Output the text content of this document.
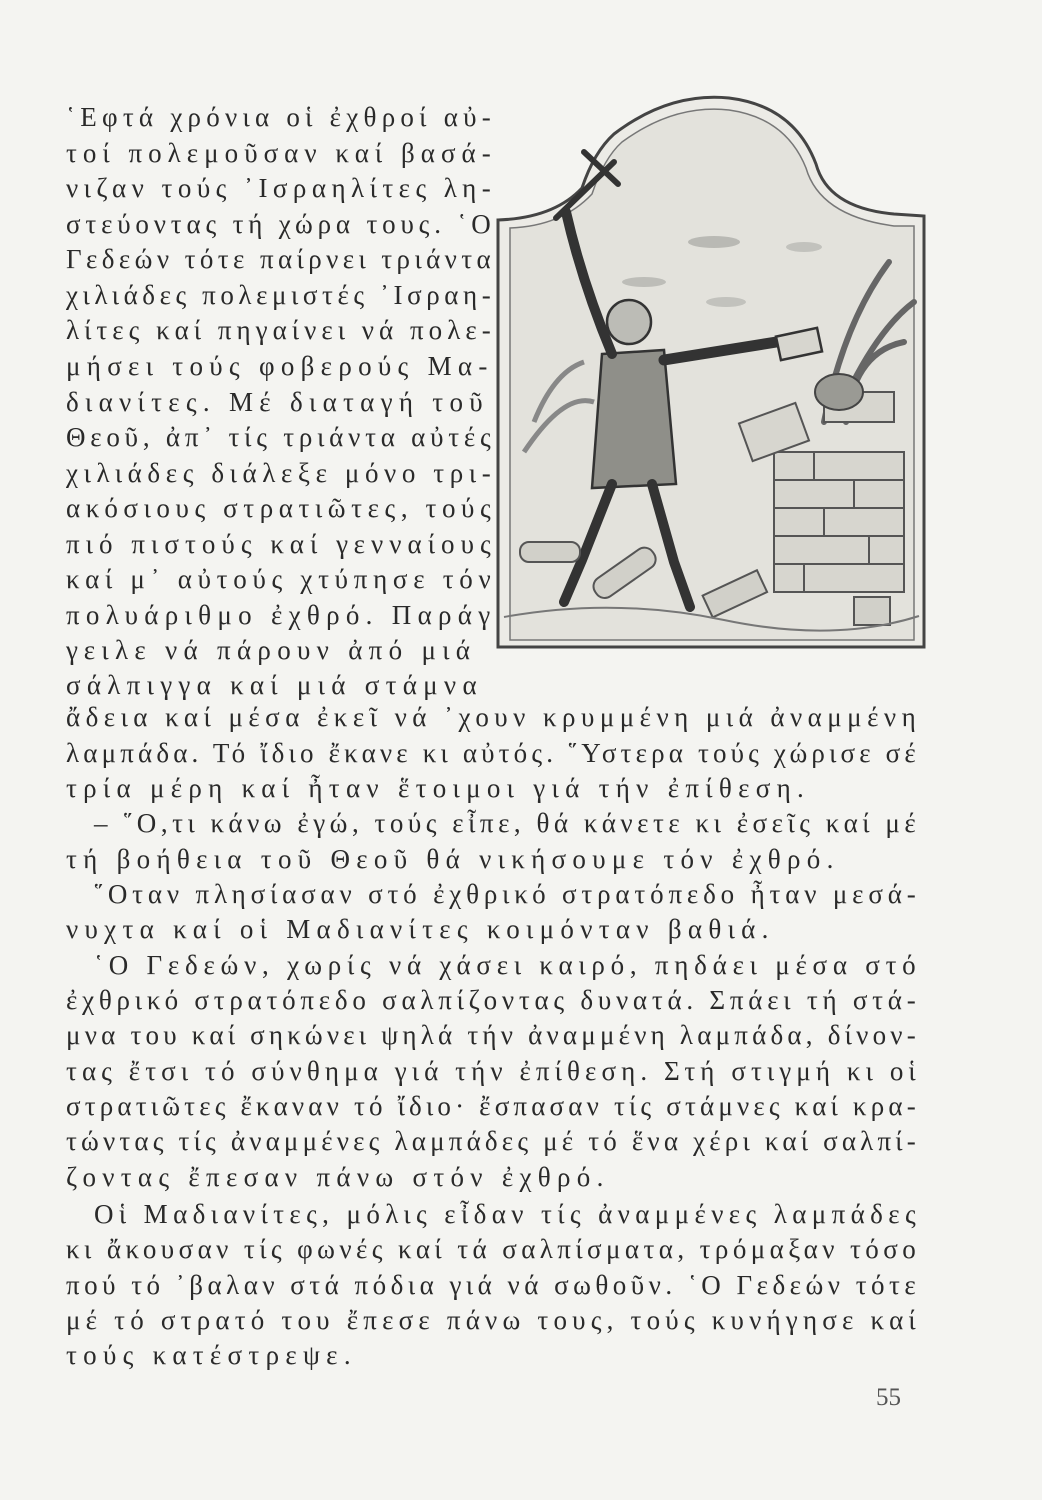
῾Εφτά χρόνια οἱ ἐχθροί αὐ-
τοί πολεμοῦσαν καί βασά-
νιζαν τούς ᾿Ισραηλίτες λη-
στεύοντας τή χώρα τους. ῾Ο
Γεδεών τότε παίρνει τριάντα
χιλιάδες πολεμιστές ᾿Ισραη-
λίτες καί πηγαίνει νά πολε-
μήσει τούς φοβερούς Μα-
διανίτες. Μέ διαταγή τοῦ
Θεοῦ, ἀπ᾿ τίς τριάντα αὐτές
χιλιάδες διάλεξε μόνο τρι-
ακόσιους στρατιῶτες, τούς
πιό πιστούς καί γενναίους
καί μ᾿ αὐτούς χτύπησε τόν
πολυάριθμο ἐχθρό. Παράγ
γειλε νά πάρουν ἀπό μιά
σάλπιγγα καί μιά στάμνα
ἄδεια καί μέσα ἐκεῖ νά ᾿χουν κρυμμένη μιά ἀναμμένη
λαμπάδα. Τό ἴδιο ἔκανε κι αὐτός. ῞Υστερα τούς χώρισε σέ
τρία μέρη καί ἦταν ἕτοιμοι γιά τήν ἐπίθεση.
– ῞Ο,τι κάνω ἐγώ, τούς εἶπε, θά κάνετε κι ἐσεῖς καί μέ
τή βοήθεια τοῦ Θεοῦ θά νικήσουμε τόν ἐχθρό.
῞Οταν πλησίασαν στό ἐχθρικό στρατόπεδο ἦταν μεσά-
νυχτα καί οἱ Μαδιανίτες κοιμόνταν βαθιά.
῾Ο Γεδεών, χωρίς νά χάσει καιρό, πηδάει μέσα στό
ἐχθρικό στρατόπεδο σαλπίζοντας δυνατά. Σπάει τή στά-
μνα του καί σηκώνει ψηλά τήν ἀναμμένη λαμπάδα, δίνον-
τας ἔτσι τό σύνθημα γιά τήν ἐπίθεση. Στή στιγμή κι οἱ
στρατιῶτες ἔκαναν τό ἴδιο· ἔσπασαν τίς στάμνες καί κρα-
τώντας τίς ἀναμμένες λαμπάδες μέ τό ἕνα χέρι καί σαλπί-
ζοντας ἔπεσαν πάνω στόν ἐχθρό.
Οἱ Μαδιανίτες, μόλις εἶδαν τίς ἀναμμένες λαμπάδες
κι ἄκουσαν τίς φωνές καί τά σαλπίσματα, τρόμαξαν τόσο
πού τό ᾿βαλαν στά πόδια γιά νά σωθοῦν. ῾Ο Γεδεών τότε
μέ τό στρατό του ἔπεσε πάνω τους, τούς κυνήγησε καί
τούς κατέστρεψε.
55
